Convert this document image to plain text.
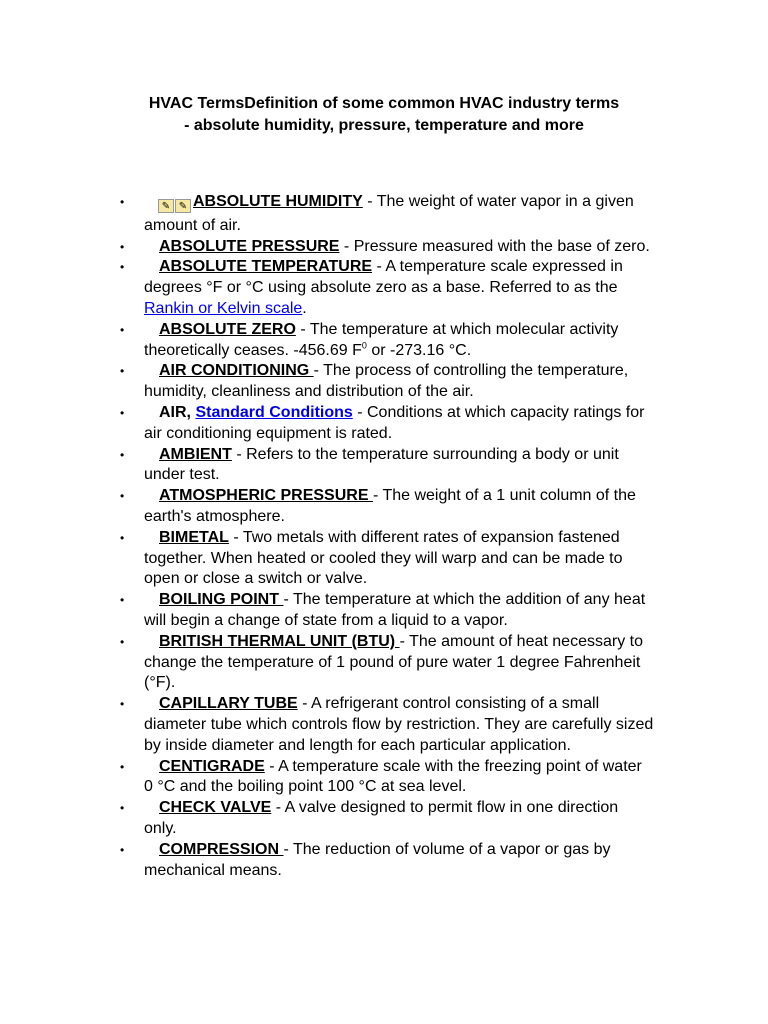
HVAC TermsDefinition of some common HVAC industry terms
- absolute humidity, pressure, temperature and more
•	✎ ✎ ABSOLUTE HUMIDITY - The weight of water vapor in a given amount of air.
• ABSOLUTE PRESSURE - Pressure measured with the base of zero.
• ABSOLUTE TEMPERATURE - A temperature scale expressed in degrees °F or °C using absolute zero as a base. Referred to as the Rankin or Kelvin scale.
• ABSOLUTE ZERO - The temperature at which molecular activity theoretically ceases. -456.69 $F^0$ or -273.16 °C.
• AIR CONDITIONING - The process of controlling the temperature, humidity, cleanliness and distribution of the air.
• AIR, Standard Conditions - Conditions at which capacity ratings for air conditioning equipment is rated.
• AMBIENT - Refers to the temperature surrounding a body or unit under test.
• ATMOSPHERIC PRESSURE - The weight of a 1 unit column of the earth's atmosphere.
• BIMETAL - Two metals with different rates of expansion fastened together. When heated or cooled they will warp and can be made to open or close a switch or valve.
• BOILING POINT - The temperature at which the addition of any heat will begin a change of state from a liquid to a vapor.
• BRITISH THERMAL UNIT (BTU) - The amount of heat necessary to change the temperature of 1 pound of pure water 1 degree Fahrenheit (°F).
• CAPILLARY TUBE - A refrigerant control consisting of a small diameter tube which controls flow by restriction. They are carefully sized by inside diameter and length for each particular application.
• CENTIGRADE - A temperature scale with the freezing point of water 0 °C and the boiling point 100 °C at sea level.
• CHECK VALVE - A valve designed to permit flow in one direction only.
• COMPRESSION - The reduction of volume of a vapor or gas by mechanical means.
